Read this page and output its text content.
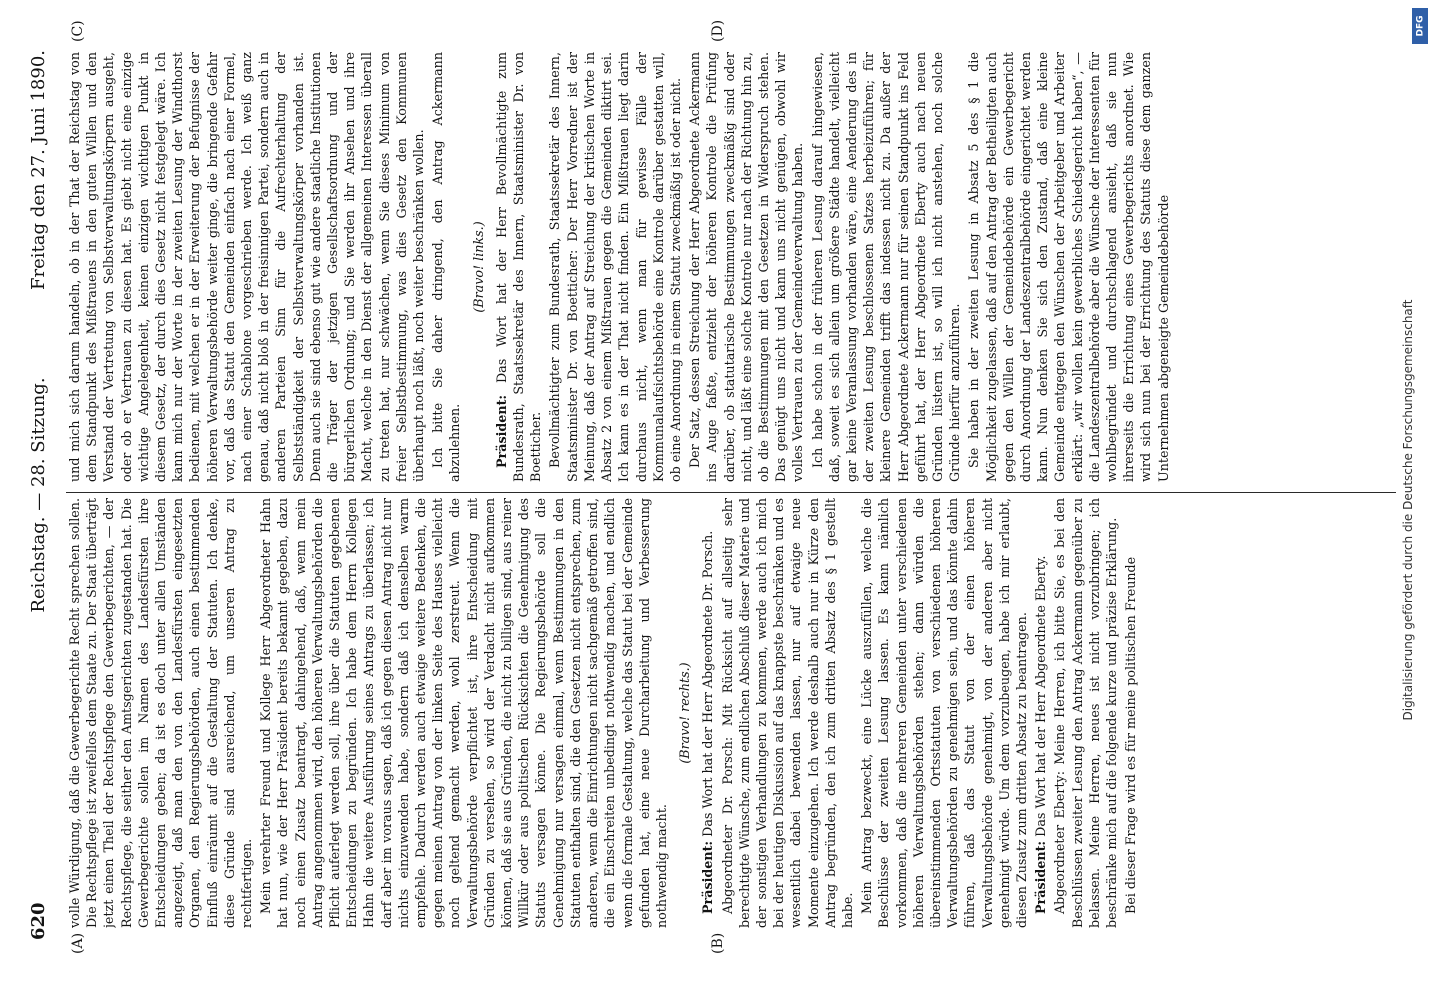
620
Reichstag. — 28. Sitzung.
Freitag den 27. Juni 1890.
(A)	(B)
(C)	(D)

volle Würdigung, daß die Gewerbegerichte Recht sprechen sollen. Die Rechtspflege ist zweifellos dem Staate zu. Der Staat überträgt jetzt einen Theil der Rechtspflege den Gewerbegerichten, — der Rechtspflege, die seither den Amtsgerichten zugestanden hat. Die Gewerbegerichte sollen im Namen des Landesfürsten ihre Entscheidungen geben; da ist es doch unter allen Umständen angezeigt, daß man den von den Landesfürsten eingesetzten Organen, den Regierungsbehörden, auch einen bestimmenden Einfluß einräumt auf die Gestaltung der Statuten. Ich denke, diese Gründe sind ausreichend, um unseren Antrag zu rechtfertigen. Mein verehrter Freund und Kollege Herr Abgeordneter Hahn hat nun, wie der Herr Präsident bereits bekannt gegeben, dazu noch einen Zusatz beantragt, dahingehend, daß, wenn mein Antrag angenommen wird, den höheren Verwaltungsbehörden die Pflicht auferlegt werden soll, ihre über die Statuten gegebenen Entscheidungen zu begründen. Ich habe dem Herrn Kollegen Hahn die weitere Ausführung seines Antrags zu überlassen; ich darf aber im voraus sagen, daß ich gegen diesen Antrag nicht nur nichts einzuwenden habe, sondern daß ich denselben warm empfehle. Dadurch werden auch etwaige weitere Bedenken, die gegen meinen Antrag von der linken Seite des Hauses vielleicht noch geltend gemacht werden, wohl zerstreut. Wenn die Verwaltungsbehörde verpflichtet ist, ihre Entscheidung mit Gründen zu versehen, so wird der Verdacht nicht aufkommen können, daß sie aus Gründen, die nicht zu billigen sind, aus reiner Willkür oder aus politischen Rücksichten die Genehmigung des Statuts versagen könne. Die Regierungsbehörde soll die Genehmigung nur versagen einmal, wenn Bestimmungen in den Statuten enthalten sind, die den Gesetzen nicht entsprechen, zum anderen, wenn die Einrichtungen nicht sachgemäß getroffen sind, die ein Einschreiten unbedingt nothwendig machen, und endlich wenn die formale Gestaltung, welche das Statut bei der Gemeinde gefunden hat, eine neue Durcharbeitung und Verbesserung nothwendig macht.

(Bravo! rechts.)

Präsident: Das Wort hat der Herr Abgeordnete Dr. Porsch. Abgeordneter Dr. Porsch: Mit Rücksicht auf allseitig sehr berechtigte Wünsche, zum endlichen Abschluß dieser Materie und der sonstigen Verhandlungen zu kommen, werde auch ich mich bei der heutigen Diskussion auf das knappste beschränken und es wesentlich dabei bewenden lassen, nur auf etwaige neue Momente einzugehen. Ich werde deshalb auch nur in Kürze den Antrag begründen, den ich zum dritten Absatz des § 1 gestellt habe. Mein Antrag bezweckt, eine Lücke auszufüllen, welche die Beschlüsse der zweiten Lesung lassen. Es kann nämlich vorkommen, daß die mehreren Gemeinden unter verschiedenen höheren Verwaltungsbehörden stehen; dann würden die übereinstimmenden Ortsstatuten von verschiedenen höheren Verwaltungsbehörden zu genehmigen sein, und das könnte dahin führen, daß das Statut von der einen höheren Verwaltungsbehörde genehmigt, von der anderen aber nicht genehmigt würde. Um dem vorzubeugen, habe ich mir erlaubt, diesen Zusatz zum dritten Absatz zu beantragen. Präsident: Das Wort hat der Herr Abgeordnete Eberty. Abgeordneter Eberty: Meine Herren, ich bitte Sie, es bei den Beschlüssen zweiter Lesung den Antrag Ackermann gegenüber zu belassen. Meine Herren, neues ist nicht vorzubringen; ich beschränke mich auf die folgende kurze und präzise Erklärung. Bei dieser Frage wird es für meine politischen Freunde

und mich sich darum handeln, ob in der That der Reichstag von dem Standpunkt des Mißtrauens in den guten Willen und den Verstand der Vertretung von Selbstverwaltungskörpern ausgeht, oder ob er Vertrauen zu diesen hat. Es giebt nicht eine einzige wichtige Angelegenheit, keinen einzigen wichtigen Punkt in diesem Gesetz, der durch dies Gesetz nicht festgelegt wäre. Ich kann mich nur der Worte in der zweiten Lesung der Windthorst bedienen, mit welchen er in der Erweiterung der Befugnisse der höheren Verwaltungsbehörde weiter ginge, die bringende Gefahr vor, daß das Statut den Gemeinden einfach nach einer Formel, nach einer Schablone vorgeschrieben werde. Ich weiß ganz genau, daß nicht bloß in der freisinnigen Partei, sondern auch in anderen Parteien Sinn für die Aufrechterhaltung der Selbstständigkeit der Selbstverwaltungskörper vorhanden ist. Denn auch sie sind ebenso gut wie andere staatliche Institutionen die Träger der jetzigen Gesellschaftsordnung und der bürgerlichen Ordnung; und Sie werden ihr Ansehen und ihre Macht, welche in den Dienst der allgemeinen Interessen überall zu treten hat, nur schwächen, wenn Sie dieses Minimum von freier Selbstbestimmung, was dies Gesetz den Kommunen überhaupt noch läßt, noch weiter beschränken wollen. Ich bitte Sie daher dringend, den Antrag Ackermann abzulehnen.

(Bravo! links.)

Präsident: Das Wort hat der Herr Bevollmächtigte zum Bundesrath, Staatssekretär des Innern, Staatsminister Dr. von Boetticher. Bevollmächtigter zum Bundesrath, Staatssekretär des Innern, Staatsminister Dr. von Boetticher: Der Herr Vorredner ist der Meinung, daß der Antrag auf Streichung der kritischen Worte in Absatz 2 von einem Mißtrauen gegen die Gemeinden diktirt sei. Ich kann es in der That nicht finden. Ein Mißtrauen liegt darin durchaus nicht, wenn man für gewisse Fälle der Kommunalaufsichtsbehörde eine Kontrole darüber gestatten will, ob eine Anordnung in einem Statut zweckmäßig ist oder nicht. Der Satz, dessen Streichung der Herr Abgeordnete Ackermann ins Auge faßte, entzieht der höheren Kontrole die Prüfung darüber, ob statutarische Bestimmungen zweckmäßig sind oder nicht, und läßt eine solche Kontrole nur nach der Richtung hin zu, ob die Bestimmungen mit den Gesetzen in Widerspruch stehen. Das genügt uns nicht und kann uns nicht genügen, obwohl wir volles Vertrauen zu der Gemeindeverwaltung haben. Ich habe schon in der früheren Lesung darauf hingewiesen, daß, soweit es sich allein um größere Städte handelt, vielleicht gar keine Veranlassung vorhanden wäre, eine Aenderung des in der zweiten Lesung beschlossenen Satzes herbeizuführen; für kleinere Gemeinden trifft das indessen nicht zu. Da außer der Herr Abgeordnete Ackermann nur für seinen Standpunkt ins Feld geführt hat, der Herr Abgeordnete Eberty auch nach neuen Gründen lüstern ist, so will ich nicht anstehen, noch solche Gründe hierfür anzuführen. Sie haben in der zweiten Lesung in Absatz 5 des § 1 die Möglichkeit zugelassen, daß auf den Antrag der Betheiligten auch gegen den Willen der Gemeindebehörde ein Gewerbegericht durch Anordnung der Landeszentralbehörde eingerichtet werden kann. Nun denken Sie sich den Zustand, daß eine kleine Gemeinde entgegen den Wünschen der Arbeitgeber und Arbeiter erklärt: „wir wollen kein gewerbliches Schiedsgericht haben“, — die Landeszentralbehörde aber die Wünsche der Interessenten für wohlbegründet und durchschlagend ansieht, daß sie nun ihrerseits die Errichtung eines Gewerbegerichts anordnet. Wie wird sich nun bei der Errichtung des Statuts diese dem ganzen Unternehmen abgeneigte Gemeindebehörde	Digitalisierung gefördert durch die Deutsche Forschungsgemeinschaft
DFG
